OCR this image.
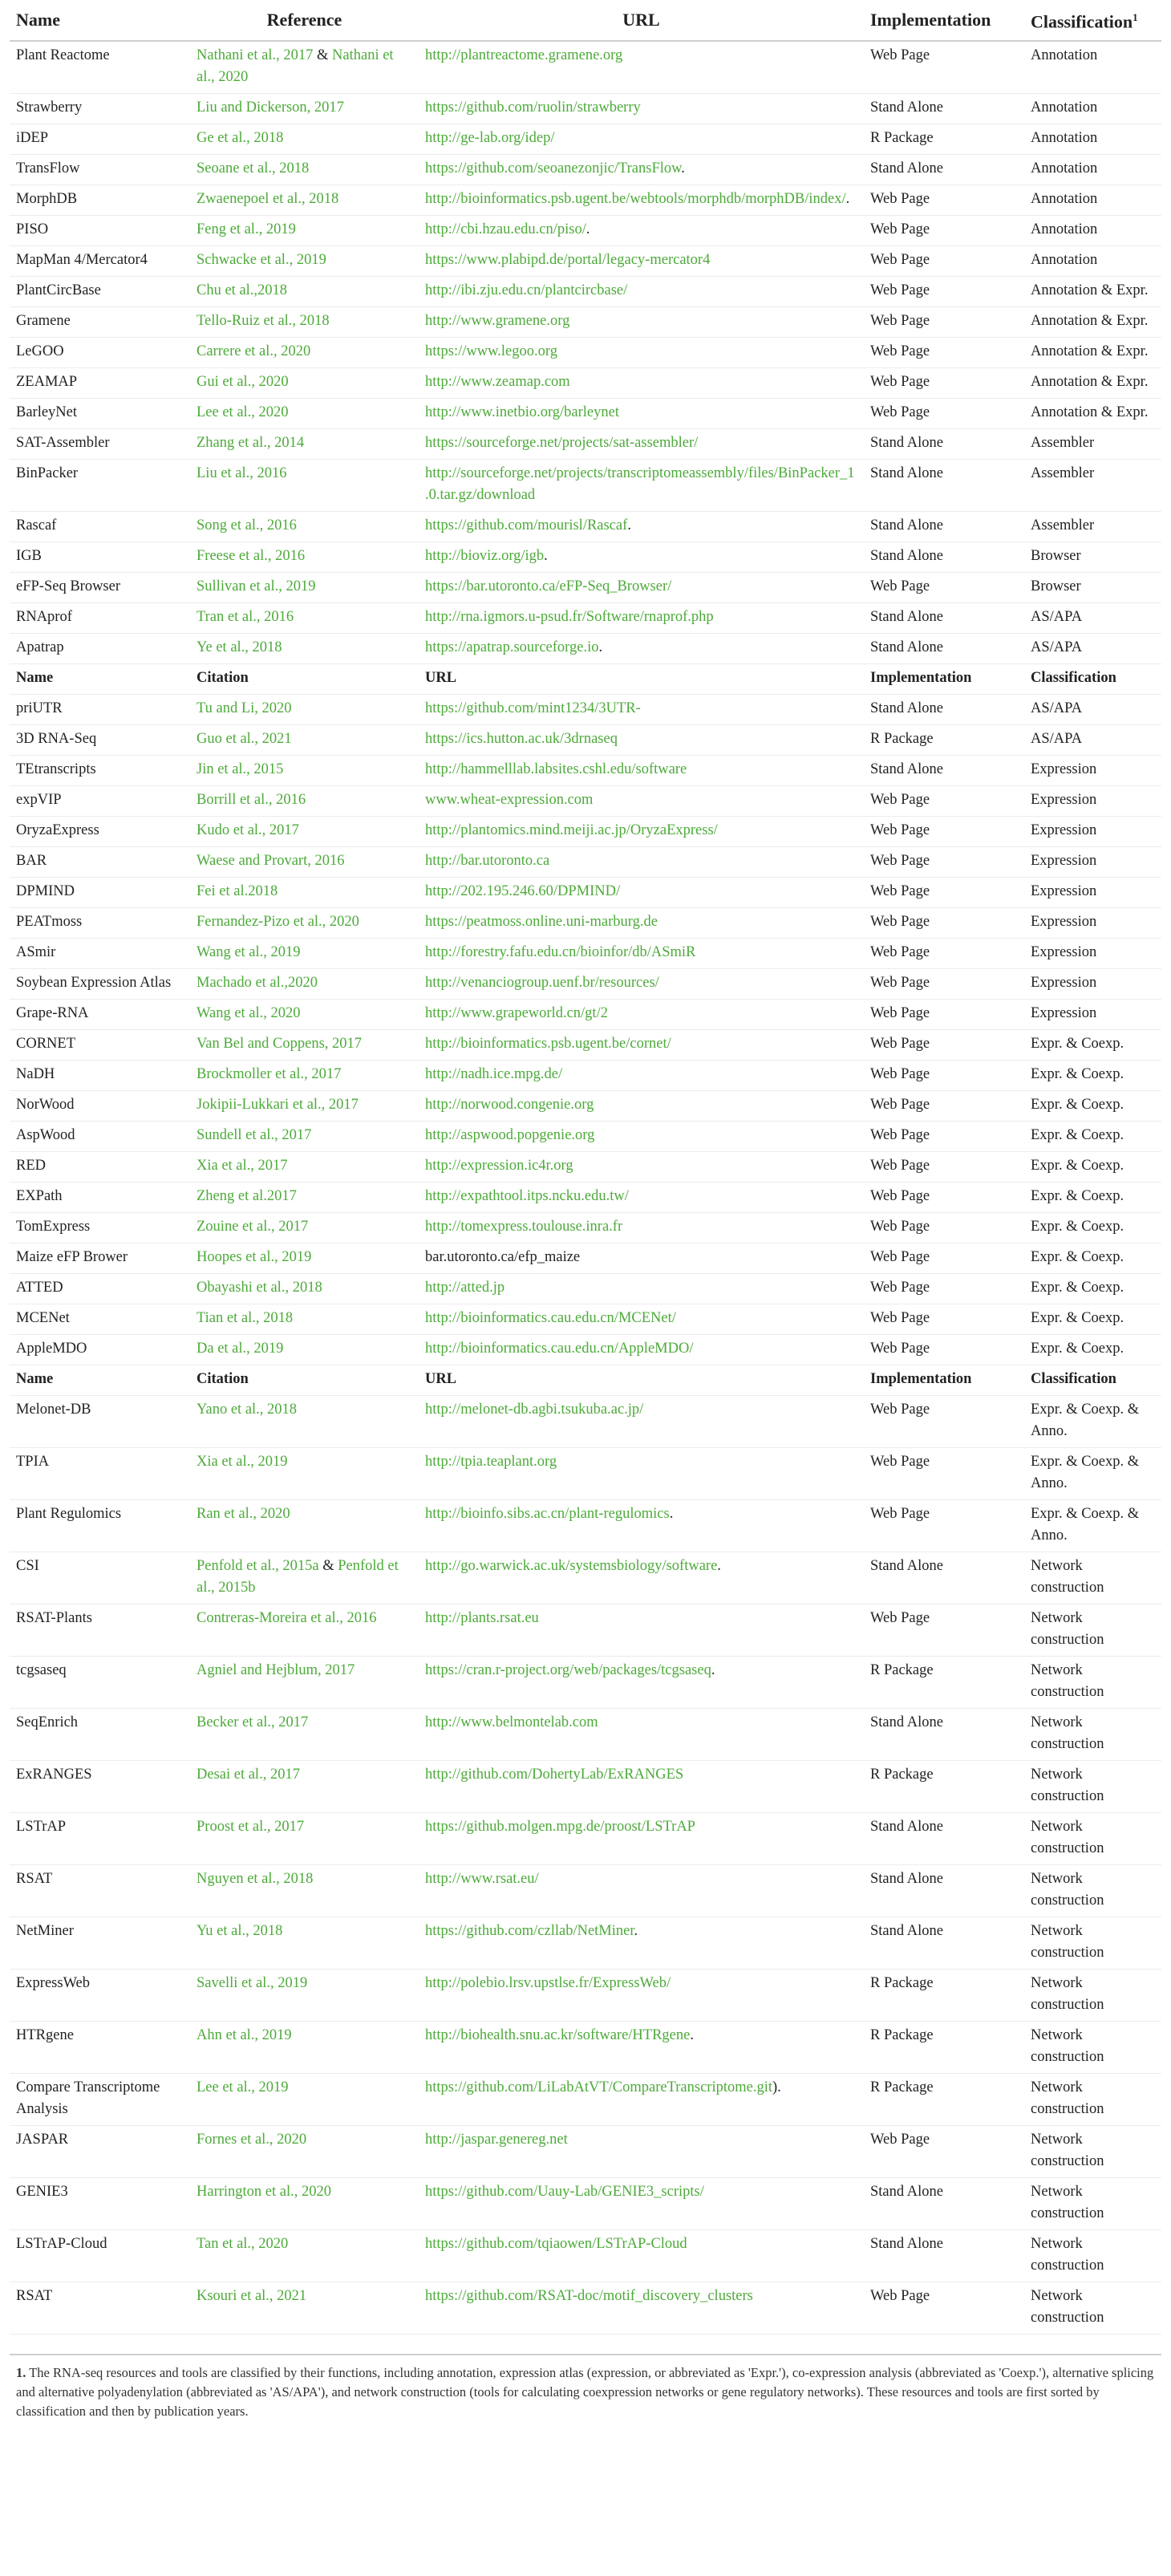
Name	Reference	URL	Implementation	Classification$^1$
Plant Reactome	Nathani et al., 2017 & Nathani et al., 2020	http://plantreactome.gramene.org	Web Page	Annotation
Strawberry	Liu and Dickerson, 2017	https://github.com/ruolin/strawberry	Stand Alone	Annotation
iDEP	Ge et al., 2018	http://ge-lab.org/idep/	R Package	Annotation
TransFlow	Seoane et al., 2018	https://github.com/seoanezonjic/TransFlow.	Stand Alone	Annotation
MorphDB	Zwaenepoel et al., 2018	http://bioinformatics.psb.ugent.be/webtools/morphdb/morphDB/index/.	Web Page	Annotation
PISO	Feng et al., 2019	http://cbi.hzau.edu.cn/piso/.	Web Page	Annotation
MapMan 4/Mercator4	Schwacke et al., 2019	https://www.plabipd.de/portal/legacy-mercator4	Web Page	Annotation
PlantCircBase	Chu et al.,2018	http://ibi.zju.edu.cn/plantcircbase/	Web Page	Annotation & Expr.
Gramene	Tello-Ruiz et al., 2018	http://www.gramene.org	Web Page	Annotation & Expr.
LeGOO	Carrere et al., 2020	https://www.legoo.org	Web Page	Annotation & Expr.
ZEAMAP	Gui et al., 2020	http://www.zeamap.com	Web Page	Annotation & Expr.
BarleyNet	Lee et al., 2020	http://www.inetbio.org/barleynet	Web Page	Annotation & Expr.
SAT-Assembler	Zhang et al., 2014	https://sourceforge.net/projects/sat-assembler/	Stand Alone	Assembler
BinPacker	Liu et al., 2016	http://sourceforge.net/projects/transcriptomeassembly/files/BinPacker_1.0.tar.gz/download	Stand Alone	Assembler
Rascaf	Song et al., 2016	https://github.com/mourisl/Rascaf.	Stand Alone	Assembler
IGB	Freese et al., 2016	http://bioviz.org/igb.	Stand Alone	Browser
eFP-Seq Browser	Sullivan et al., 2019	https://bar.utoronto.ca/eFP-Seq_Browser/	Web Page	Browser
RNAprof	Tran et al., 2016	http://rna.igmors.u-psud.fr/Software/rnaprof.php	Stand Alone	AS/APA
Apatrap	Ye et al., 2018	https://apatrap.sourceforge.io.	Stand Alone	AS/APA
Name	Citation	URL	Implementation	Classification
priUTR	Tu and Li, 2020	https://github.com/mint1234/3UTR-	Stand Alone	AS/APA
3D RNA-Seq	Guo et al., 2021	https://ics.hutton.ac.uk/3drnaseq	R Package	AS/APA
TEtranscripts	Jin et al., 2015	http://hammelllab.labsites.cshl.edu/software	Stand Alone	Expression
expVIP	Borrill et al., 2016	www.wheat-expression.com	Web Page	Expression
OryzaExpress	Kudo et al., 2017	http://plantomics.mind.meiji.ac.jp/OryzaExpress/	Web Page	Expression
BAR	Waese and Provart, 2016	http://bar.utoronto.ca	Web Page	Expression
DPMIND	Fei et al.2018	http://202.195.246.60/DPMIND/	Web Page	Expression
PEATmoss	Fernandez-Pizo et al., 2020	https://peatmoss.online.uni-marburg.de	Web Page	Expression
ASmir	Wang et al., 2019	http://forestry.fafu.edu.cn/bioinfor/db/ASmiR	Web Page	Expression
Soybean Expression Atlas	Machado et al.,2020	http://venanciogroup.uenf.br/resources/	Web Page	Expression
Grape-RNA	Wang et al., 2020	http://www.grapeworld.cn/gt/2	Web Page	Expression
CORNET	Van Bel and Coppens, 2017	http://bioinformatics.psb.ugent.be/cornet/	Web Page	Expr. & Coexp.
NaDH	Brockmoller et al., 2017	http://nadh.ice.mpg.de/	Web Page	Expr. & Coexp.
NorWood	Jokipii-Lukkari et al., 2017	http://norwood.congenie.org	Web Page	Expr. & Coexp.
AspWood	Sundell et al., 2017	http://aspwood.popgenie.org	Web Page	Expr. & Coexp.
RED	Xia et al., 2017	http://expression.ic4r.org	Web Page	Expr. & Coexp.
EXPath	Zheng et al.2017	http://expathtool.itps.ncku.edu.tw/	Web Page	Expr. & Coexp.
TomExpress	Zouine et al., 2017	http://tomexpress.toulouse.inra.fr	Web Page	Expr. & Coexp.
Maize eFP Brower	Hoopes et al., 2019	bar.utoronto.ca/efp_maize	Web Page	Expr. & Coexp.
ATTED	Obayashi et al., 2018	http://atted.jp	Web Page	Expr. & Coexp.
MCENet	Tian et al., 2018	http://bioinformatics.cau.edu.cn/MCENet/	Web Page	Expr. & Coexp.
AppleMDO	Da et al., 2019	http://bioinformatics.cau.edu.cn/AppleMDO/	Web Page	Expr. & Coexp.
Name	Citation	URL	Implementation	Classification
Melonet-DB	Yano et al., 2018	http://melonet-db.agbi.tsukuba.ac.jp/	Web Page	Expr. & Coexp. & Anno.
TPIA	Xia et al., 2019	http://tpia.teaplant.org	Web Page	Expr. & Coexp. & Anno.
Plant Regulomics	Ran et al., 2020	http://bioinfo.sibs.ac.cn/plant-regulomics.	Web Page	Expr. & Coexp. & Anno.
CSI	Penfold et al., 2015a & Penfold et al., 2015b	http://go.warwick.ac.uk/systemsbiology/software.	Stand Alone	Network construction
RSAT-Plants	Contreras-Moreira et al., 2016	http://plants.rsat.eu	Web Page	Network construction
tcgsaseq	Agniel and Hejblum, 2017	https://cran.r-project.org/web/packages/tcgsaseq.	R Package	Network construction
SeqEnrich	Becker et al., 2017	http://www.belmontelab.com	Stand Alone	Network construction
ExRANGES	Desai et al., 2017	http://github.com/DohertyLab/ExRANGES	R Package	Network construction
LSTrAP	Proost et al., 2017	https://github.molgen.mpg.de/proost/LSTrAP	Stand Alone	Network construction
RSAT	Nguyen et al., 2018	http://www.rsat.eu/	Stand Alone	Network construction
NetMiner	Yu et al., 2018	https://github.com/czllab/NetMiner.	Stand Alone	Network construction
ExpressWeb	Savelli et al., 2019	http://polebio.lrsv.upstlse.fr/ExpressWeb/	R Package	Network construction
HTRgene	Ahn et al., 2019	http://biohealth.snu.ac.kr/software/HTRgene.	R Package	Network construction
Compare Transcriptome Analysis	Lee et al., 2019	https://github.com/LiLabAtVT/CompareTranscriptome.git).	R Package	Network construction
JASPAR	Fornes et al., 2020	http://jaspar.genereg.net	Web Page	Network construction
GENIE3	Harrington et al., 2020	https://github.com/Uauy-Lab/GENIE3_scripts/	Stand Alone	Network construction
LSTrAP-Cloud	Tan et al., 2020	https://github.com/tqiaowen/LSTrAP-Cloud	Stand Alone	Network construction
RSAT	Ksouri et al., 2021	https://github.com/RSAT-doc/motif_discovery_clusters	Web Page	Network construction
1. The RNA-seq resources and tools are classified by their functions, including annotation, expression atlas (expression, or abbreviated as 'Expr.'), co-expression analysis (abbreviated as 'Coexp.'), alternative splicing and alternative polyadenylation (abbreviated as 'AS/APA'), and network construction (tools for calculating coexpression networks or gene regulatory networks). These resources and tools are first sorted by classification and then by publication years.
